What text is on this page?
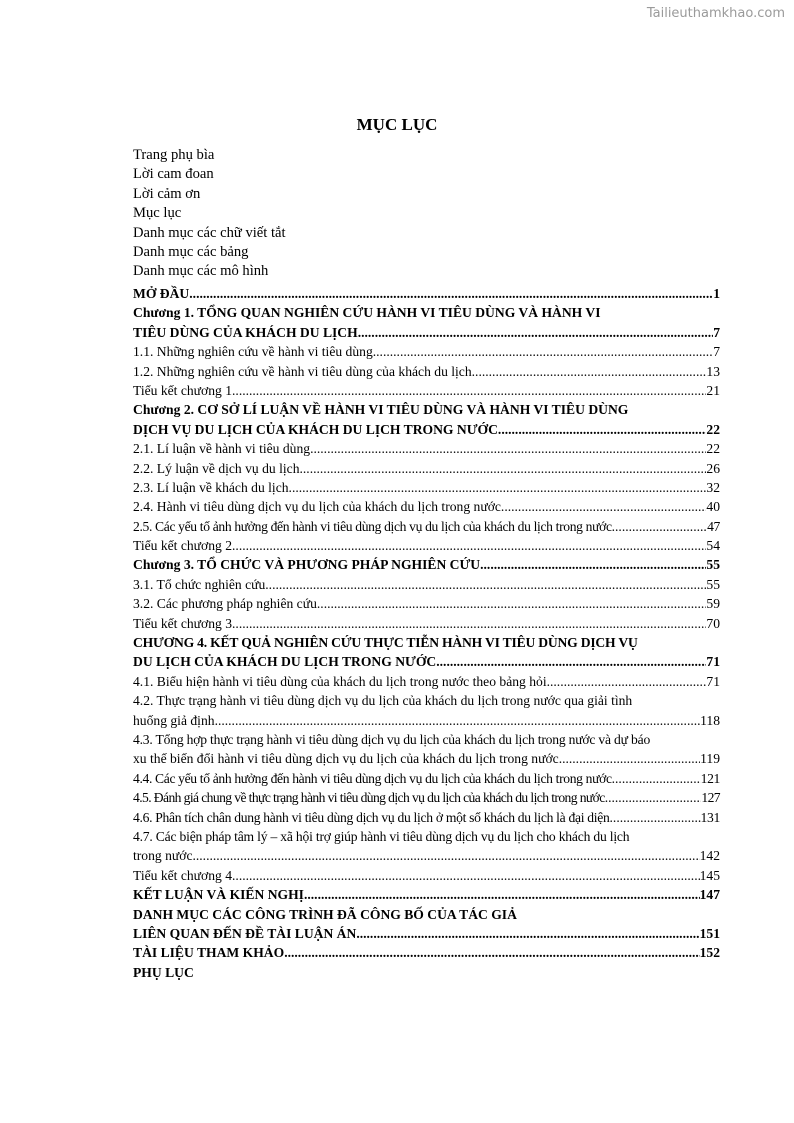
Tailieuthamkhao.com
MỤC LỤC
Trang phụ bìa
Lời cam đoan
Lời cảm ơn
Mục lục
Danh mục các chữ viết tắt
Danh mục các bảng
Danh mục các mô hình
MỞ ĐẦU .....	1
Chương 1. TỔNG QUAN NGHIÊN CỨU HÀNH VI TIÊU DÙNG VÀ HÀNH VI
TIÊU DÙNG CỦA KHÁCH DU LỊCH .....	7
1.1. Những nghiên cứu về hành vi tiêu dùng .....	7
1.2. Những nghiên cứu về hành vi tiêu dùng của khách du lịch .....	13
Tiểu kết chương 1 .....	21
Chương 2. CƠ SỞ LÍ LUẬN VỀ HÀNH VI TIÊU DÙNG VÀ HÀNH VI TIÊU DÙNG
DỊCH VỤ DU LỊCH CỦA KHÁCH DU LỊCH TRONG NƯỚC .....	22
2.1. Lí luận về hành vi tiêu dùng .....	22
2.2. Lý luận về dịch vụ du lịch .....	26
2.3. Lí luận về khách du lịch .....	32
2.4. Hành vi tiêu dùng dịch vụ du lịch của khách du lịch trong nước .....	40
2.5. Các yếu tố ảnh hưởng đến hành vi tiêu dùng dịch vụ du lịch của khách du lịch trong nước .....	47
Tiểu kết chương 2 .....	54
Chương 3. TỔ CHỨC VÀ PHƯƠNG PHÁP NGHIÊN CỨU .....	55
3.1. Tổ chức nghiên cứu .....	55
3.2. Các phương pháp nghiên cứu .....	59
Tiểu kết chương 3 .....	70
CHƯƠNG 4. KẾT QUẢ NGHIÊN CỨU THỰC TIỄN HÀNH VI TIÊU DÙNG DỊCH VỤ
DU LỊCH CỦA KHÁCH DU LỊCH TRONG NƯỚC .....	71
4.1. Biểu hiện hành vi tiêu dùng của khách du lịch trong nước theo bảng hỏi .....	71
4.2. Thực trạng hành vi tiêu dùng dịch vụ du lịch của khách du lịch trong nước qua giải tình
huống giả định .....	118
4.3. Tổng hợp thực trạng hành vi tiêu dùng dịch vụ du lịch của khách du lịch trong nước và dự báo
xu thế biến đổi hành vi tiêu dùng dịch vụ du lịch của khách du lịch trong nước .....	119
4.4. Các yếu tố ảnh hưởng đến hành vi tiêu dùng dịch vụ du lịch của khách du lịch trong nước .....	121
4.5. Đánh giá chung về thực trạng hành vi tiêu dùng dịch vụ du lịch của khách du lịch trong nước .....	127
4.6. Phân tích chân dung hành vi tiêu dùng dịch vụ du lịch ở một số khách du lịch là đại diện .....	131
4.7. Các biện pháp tâm lý – xã hội trợ giúp hành vi tiêu dùng dịch vụ du lịch cho khách du lịch
trong nước .....	142
Tiểu kết chương 4 .....	145
KẾT LUẬN VÀ KIẾN NGHỊ .....	147
DANH MỤC CÁC CÔNG TRÌNH ĐÃ CÔNG BỐ CỦA TÁC GIẢ
LIÊN QUAN ĐẾN ĐỀ TÀI LUẬN ÁN .....	151
TÀI LIỆU THAM KHẢO .....	152
PHỤ LỤC
